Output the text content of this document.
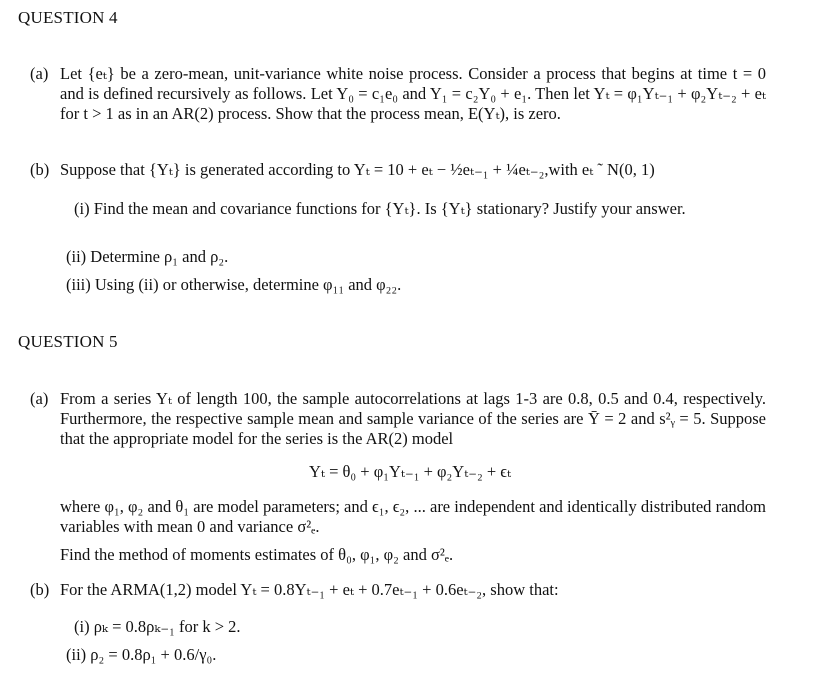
QUESTION 4
(a) Let {eₜ} be a zero-mean, unit-variance white noise process. Consider a process that begins at time t = 0 and is defined recursively as follows. Let Y₀ = c₁e₀ and Y₁ = c₂Y₀ + e₁. Then let Yₜ = φ₁Yₜ₋₁ + φ₂Yₜ₋₂ + eₜ for t > 1 as in an AR(2) process. Show that the process mean, E(Yₜ), is zero.
(b) Suppose that {Yₜ} is generated according to Yₜ = 10 + eₜ − ½eₜ₋₁ + ¼eₜ₋₂,with eₜ ˜ N(0, 1)
(i) Find the mean and covariance functions for {Yₜ}. Is {Yₜ} stationary? Justify your answer.
(ii) Determine ρ₁ and ρ₂.
(iii) Using (ii) or otherwise, determine φ₁₁ and φ₂₂.
QUESTION 5
(a) From a series Yₜ of length 100, the sample autocorrelations at lags 1-3 are 0.8, 0.5 and 0.4, respectively. Furthermore, the respective sample mean and sample variance of the series are Ȳ = 2 and s²ᵧ = 5. Suppose that the appropriate model for the series is the AR(2) model
Yₜ = θ₀ + φ₁Yₜ₋₁ + φ₂Yₜ₋₂ + ϵₜ
where φ₁, φ₂ and θ₁ are model parameters; and ϵ₁, ϵ₂, ... are independent and identically distributed random variables with mean 0 and variance σ²ₑ.
Find the method of moments estimates of θ₀, φ₁, φ₂ and σ²ₑ.
(b) For the ARMA(1,2) model Yₜ = 0.8Yₜ₋₁ + eₜ + 0.7eₜ₋₁ + 0.6eₜ₋₂, show that:
(i) ρₖ = 0.8ρₖ₋₁ for k > 2.
(ii) ρ₂ = 0.8ρ₁ + 0.6/γ₀.
